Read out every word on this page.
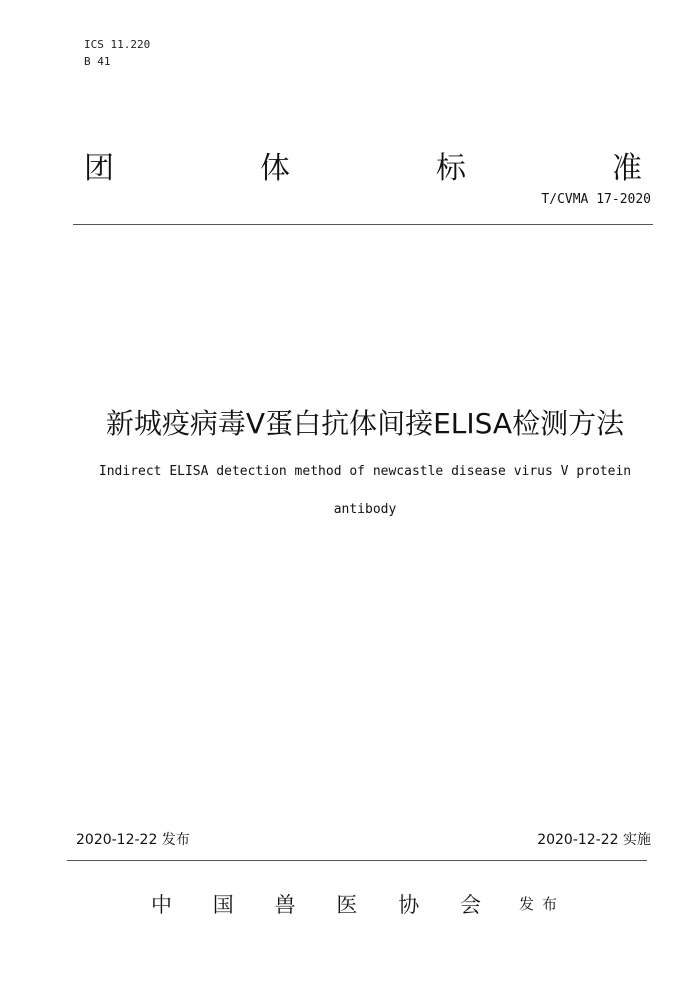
ICS 11.220
B 41
团	体	标	准
T/CVMA 17-2020
新城疫病毒V蛋白抗体间接ELISA检测方法
Indirect ELISA detection method of newcastle disease virus V protein
antibody
2020-12-22 发布	2020-12-22 实施
中 国 兽 医 协 会	发布
